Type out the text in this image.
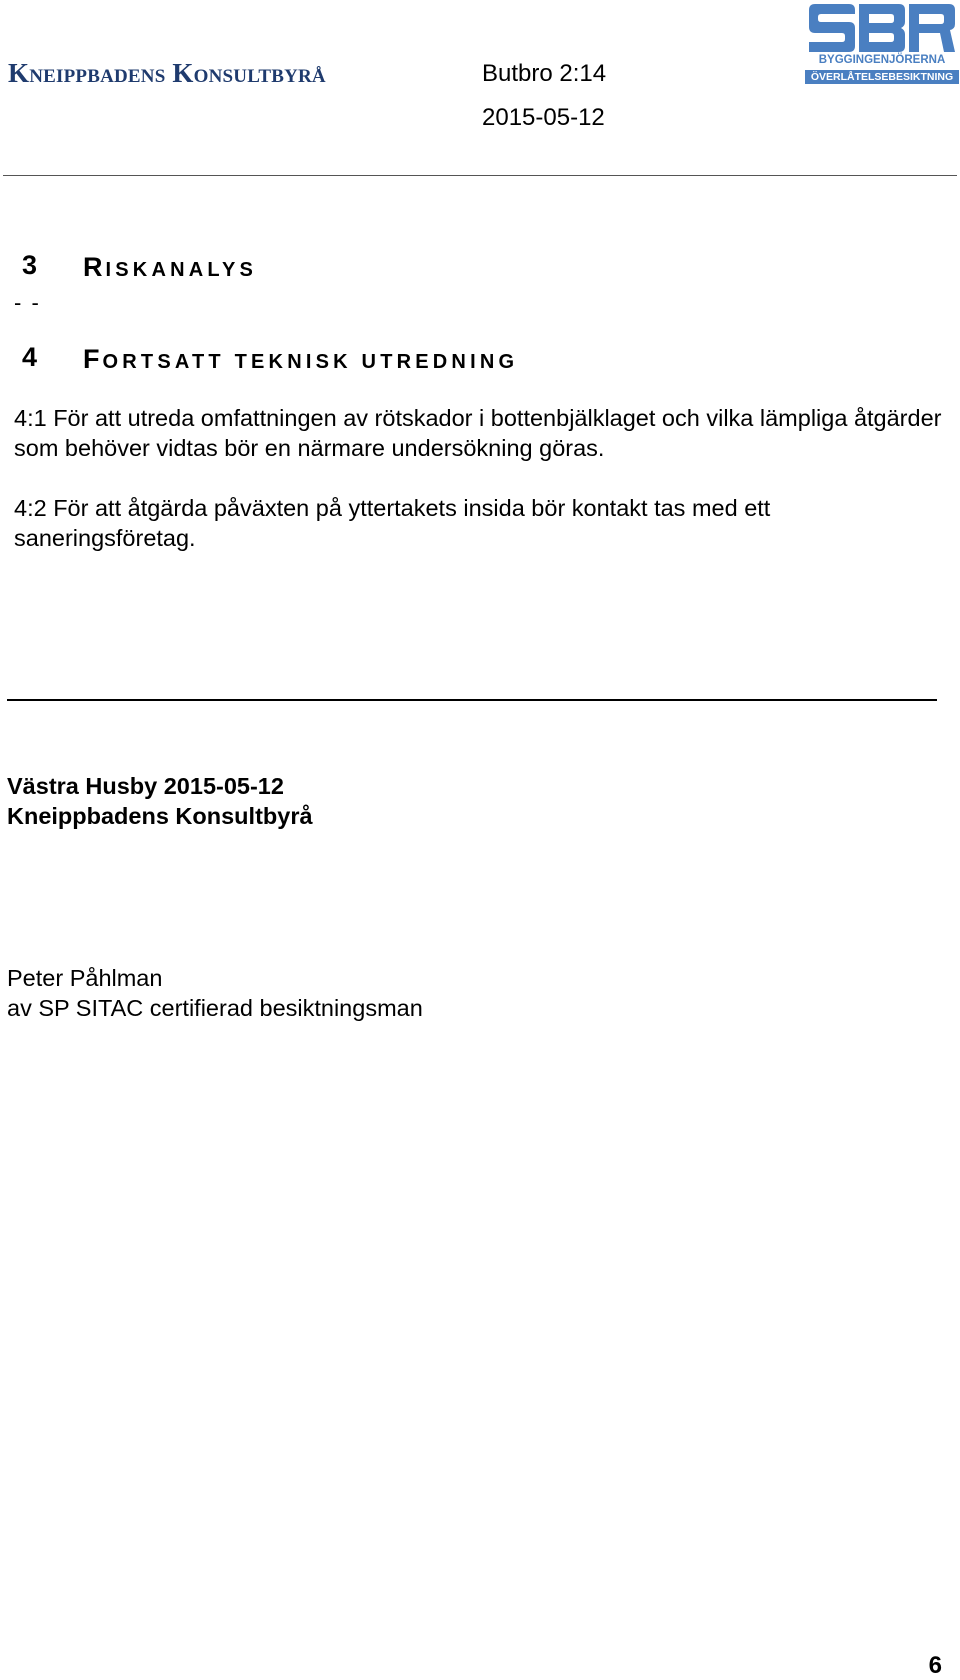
Kneippbadens Konsultbyrå	Butbro 2:14
2015-05-12
BYGGINGENJÖRERNA
ÖVERLÅTELSEBESIKTNING
3 RISKANALYS
- -
4 FORTSATT TEKNISK UTREDNING
4:1 För att utreda omfattningen av rötskador i bottenbjälklaget och vilka lämpliga åtgärder som behöver vidtas bör en närmare undersökning göras.
4:2 För att åtgärda påväxten på yttertakets insida bör kontakt tas med ett saneringsföretag.
Västra Husby 2015-05-12
Kneippbadens Konsultbyrå
Peter Påhlman
av SP SITAC certifierad besiktningsman
6
